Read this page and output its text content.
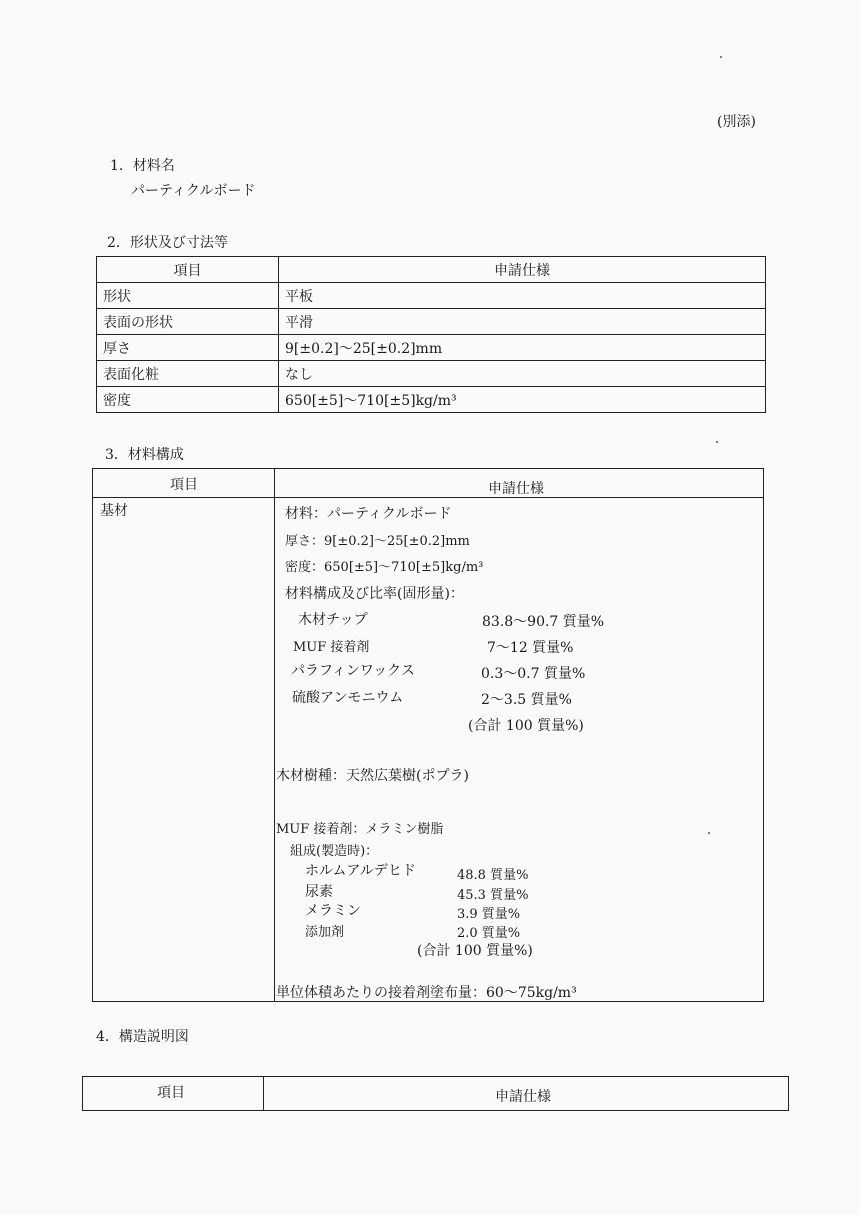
(別添)
1．材料名
パーティクルボード
2．形状及び寸法等
項目	申請仕様
形状	平板
表面の形状	平滑
厚さ	9[±0.2]～25[±0.2]mm
表面化粧	なし
密度	650[±5]～710[±5]kg/m³
3．材料構成
項目	申請仕様
基材	材料：パーティクルボード
厚さ：9[±0.2]～25[±0.2]mm
密度：650[±5]～710[±5]kg/m³
材料構成及び比率(固形量)：
木材チップ	83.8～90.7 質量%
MUF 接着剤	7～12 質量%
パラフィンワックス	0.3～0.7 質量%
硫酸アンモニウム	2～3.5 質量%
(合計 100 質量%)
木材樹種：天然広葉樹(ポプラ)
MUF 接着剤：メラミン樹脂
組成(製造時)：
ホルムアルデヒド	48.8 質量%
尿素	45.3 質量%
メラミン	3.9 質量%
添加剤	2.0 質量%
(合計 100 質量%)
単位体積あたりの接着剤塗布量：60～75kg/m³
4．構造説明図
項目	申請仕様
